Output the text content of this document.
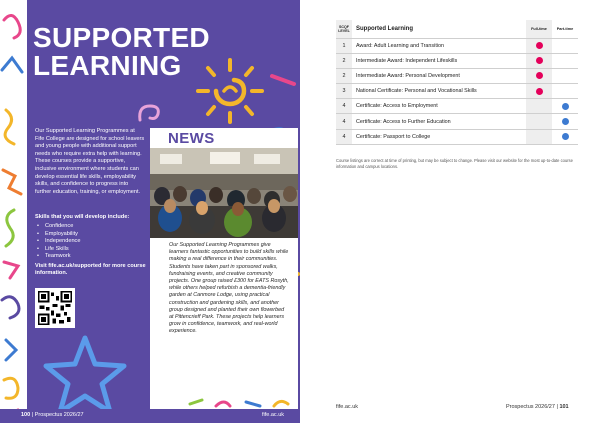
SUPPORTED
LEARNING

Our Supported Learning Programmes at Fife College are designed for school leavers and young people with additional support needs who require extra help with learning. These courses provide a supportive, inclusive environment where students can develop essential life skills, employability skills, and confidence to progress into further education, training, or employment.

Skills that you will develop include:
• Confidence
• Employability
• Independence
• Life Skills
• Teamwork
Visit fife.ac.uk/supported for more course information.
NEWS

Our Supported Learning Programmes give learners fantastic opportunities to build skills while making a real difference in their communities. Students have taken part in sponsored walks, fundraising events, and creative community projects. One group raised £300 for EATS Rosyth, while others helped refurbish a dementia-friendly garden at Canmore Lodge, using practical construction and gardening skills, and another group designed and planted their own flowerbed at Pittencrieff Park. These projects help learners grow in confidence, teamwork, and real-world experience.

100 | Prospectus 2026/27	fife.ac.uk
SCQF LEVEL	Supported Learning	Full-time	Part-time
1	Award: Adult Learning and Transition		
2	Intermediate Award: Independent Lifeskills		
2	Intermediate Award: Personal Development		
3	National Certificate: Personal and Vocational Skills		
4	Certificate: Access to Employment		
4	Certificate: Access to Further Education		
4	Certificate: Passport to College		

Course listings are correct at time of printing, but may be subject to change. Please visit our website for the most up-to-date course information and campus locations.

fife.ac.uk	Prospectus 2026/27 | 101
